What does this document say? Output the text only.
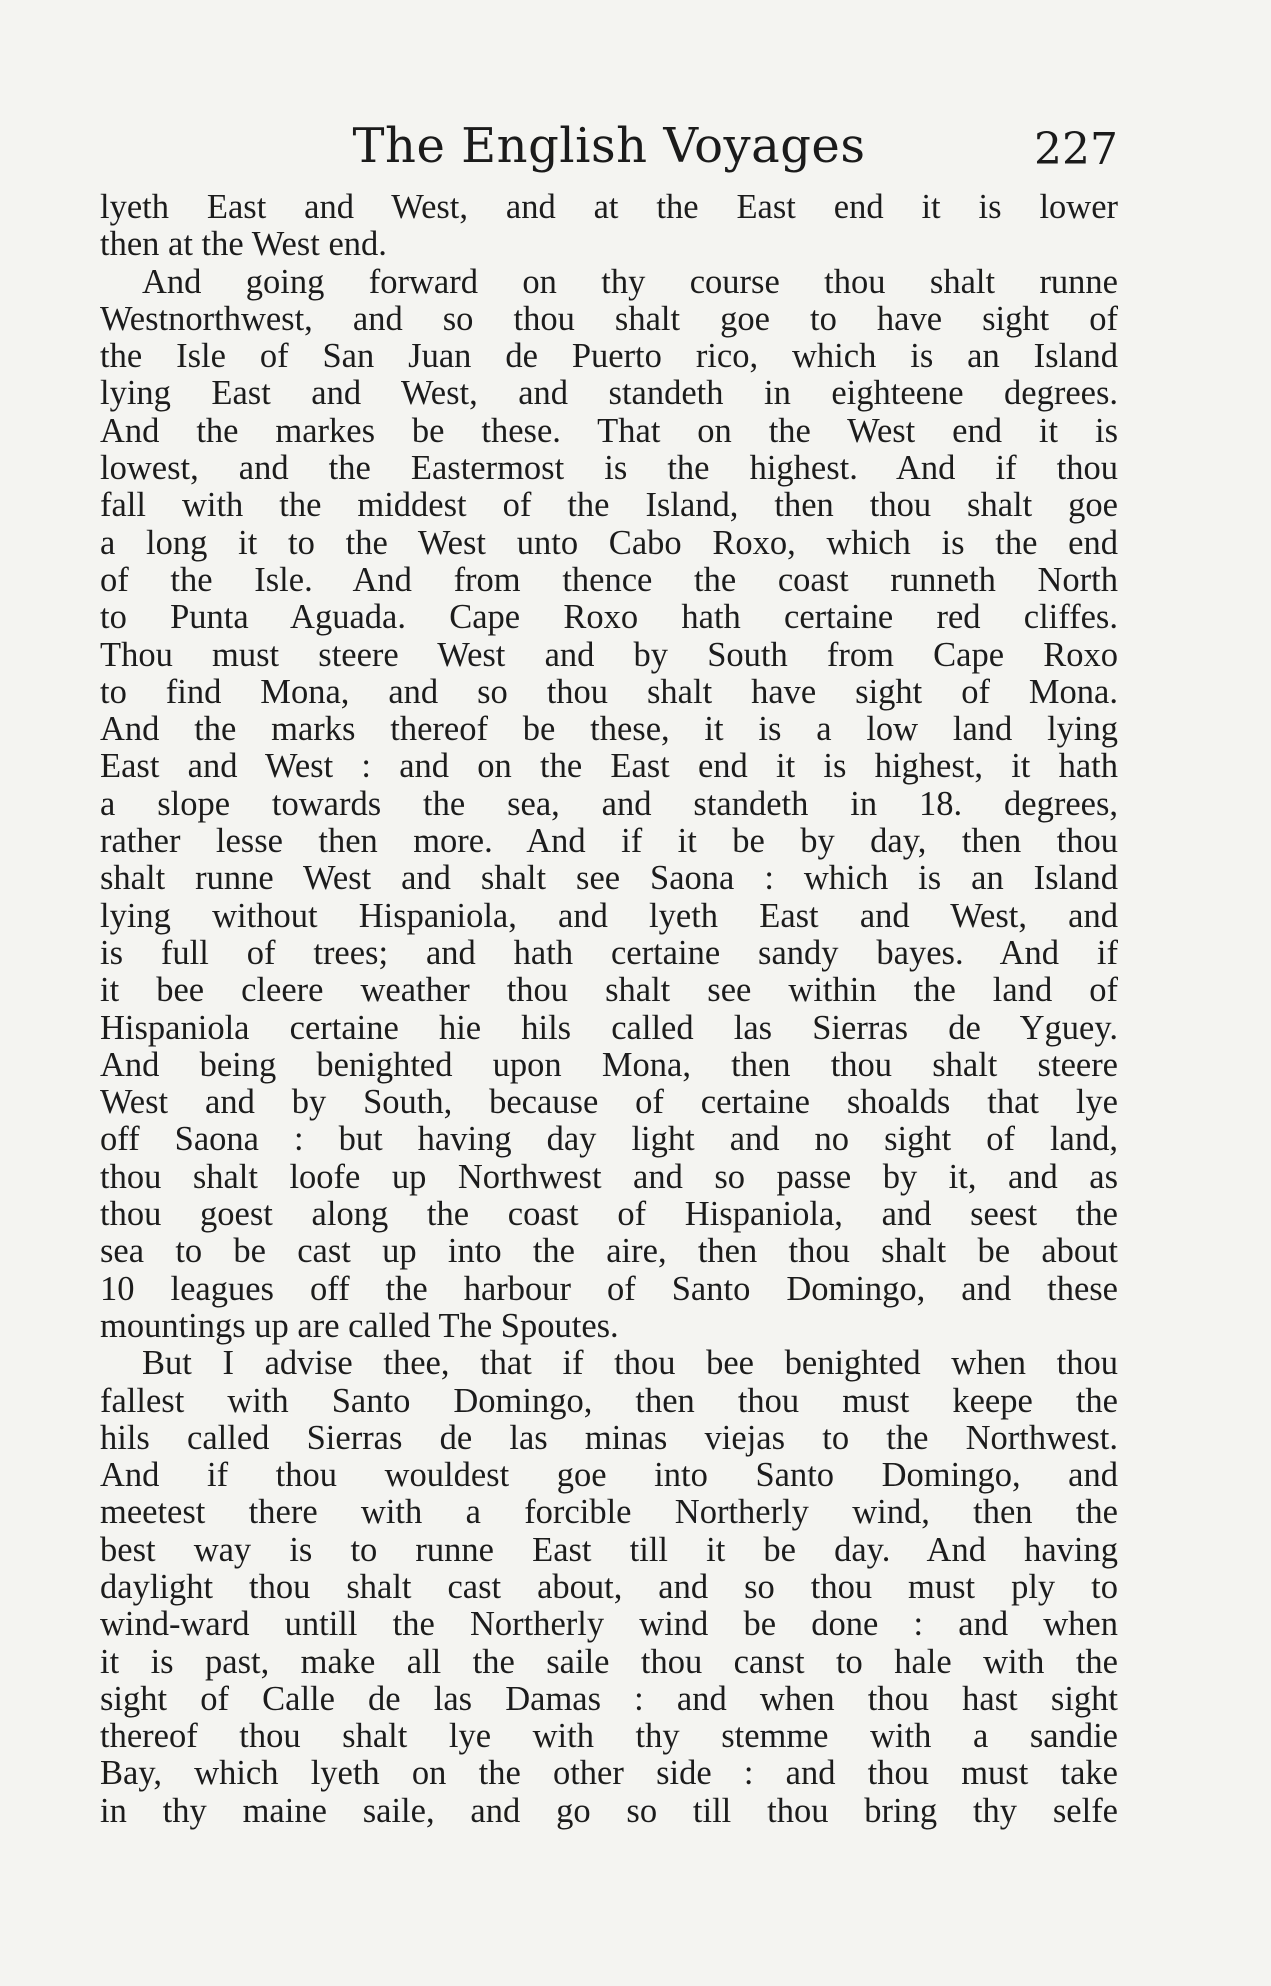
The English Voyages	227
lyeth East and West, and at the East end it is lower
then at the West end.
And going forward on thy course thou shalt runne
Westnorthwest, and so thou shalt goe to have sight of
the Isle of San Juan de Puerto rico, which is an Island
lying East and West, and standeth in eighteene degrees.
And the markes be these. That on the West end it is
lowest, and the Eastermost is the highest. And if thou
fall with the middest of the Island, then thou shalt goe
a long it to the West unto Cabo Roxo, which is the end
of the Isle. And from thence the coast runneth North
to Punta Aguada. Cape Roxo hath certaine red cliffes.
Thou must steere West and by South from Cape Roxo
to find Mona, and so thou shalt have sight of Mona.
And the marks thereof be these, it is a low land lying
East and West : and on the East end it is highest, it hath
a slope towards the sea, and standeth in 18. degrees,
rather lesse then more. And if it be by day, then thou
shalt runne West and shalt see Saona : which is an Island
lying without Hispaniola, and lyeth East and West, and
is full of trees; and hath certaine sandy bayes. And if
it bee cleere weather thou shalt see within the land of
Hispaniola certaine hie hils called las Sierras de Yguey.
And being benighted upon Mona, then thou shalt steere
West and by South, because of certaine shoalds that lye
off Saona : but having day light and no sight of land,
thou shalt loofe up Northwest and so passe by it, and as
thou goest along the coast of Hispaniola, and seest the
sea to be cast up into the aire, then thou shalt be about
10 leagues off the harbour of Santo Domingo, and these
mountings up are called The Spoutes.
But I advise thee, that if thou bee benighted when thou
fallest with Santo Domingo, then thou must keepe the
hils called Sierras de las minas viejas to the Northwest.
And if thou wouldest goe into Santo Domingo, and
meetest there with a forcible Northerly wind, then the
best way is to runne East till it be day. And having
daylight thou shalt cast about, and so thou must ply to
wind-ward untill the Northerly wind be done : and when
it is past, make all the saile thou canst to hale with the
sight of Calle de las Damas : and when thou hast sight
thereof thou shalt lye with thy stemme with a sandie
Bay, which lyeth on the other side : and thou must take
in thy maine saile, and go so till thou bring thy selfe
